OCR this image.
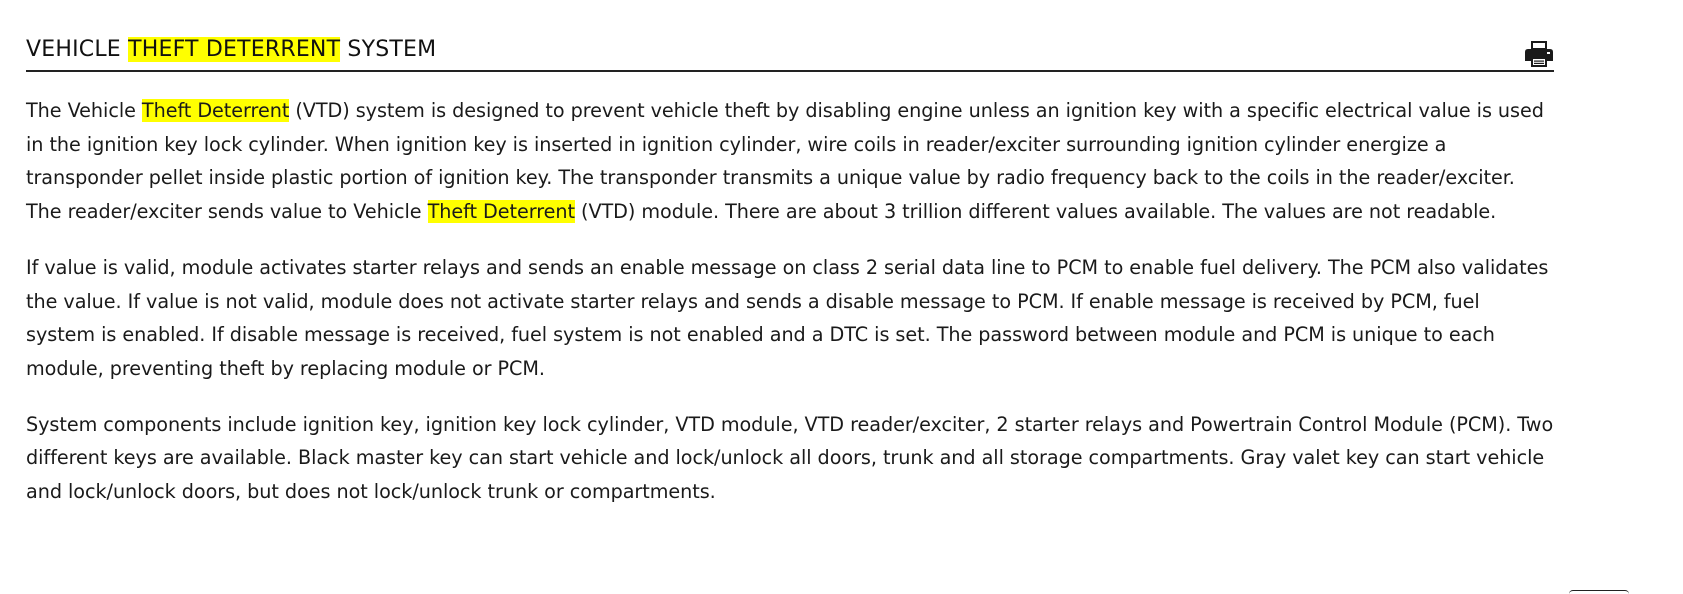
VEHICLE THEFT DETERRENT SYSTEM

The Vehicle Theft Deterrent (VTD) system is designed to prevent vehicle theft by disabling engine unless an ignition key with a specific electrical value is used in the ignition key lock cylinder. When ignition key is inserted in ignition cylinder, wire coils in reader/exciter surrounding ignition cylinder energize a transponder pellet inside plastic portion of ignition key. The transponder transmits a unique value by radio frequency back to the coils in the reader/exciter. The reader/exciter sends value to Vehicle Theft Deterrent (VTD) module. There are about 3 trillion different values available. The values are not readable.

If value is valid, module activates starter relays and sends an enable message on class 2 serial data line to PCM to enable fuel delivery. The PCM also validates the value. If value is not valid, module does not activate starter relays and sends a disable message to PCM. If enable message is received by PCM, fuel system is enabled. If disable message is received, fuel system is not enabled and a DTC is set. The password between module and PCM is unique to each module, preventing theft by replacing module or PCM.

System components include ignition key, ignition key lock cylinder, VTD module, VTD reader/exciter, 2 starter relays and Powertrain Control Module (PCM). Two different keys are available. Black master key can start vehicle and lock/unlock all doors, trunk and all storage compartments. Gray valet key can start vehicle and lock/unlock doors, but does not lock/unlock trunk or compartments.
